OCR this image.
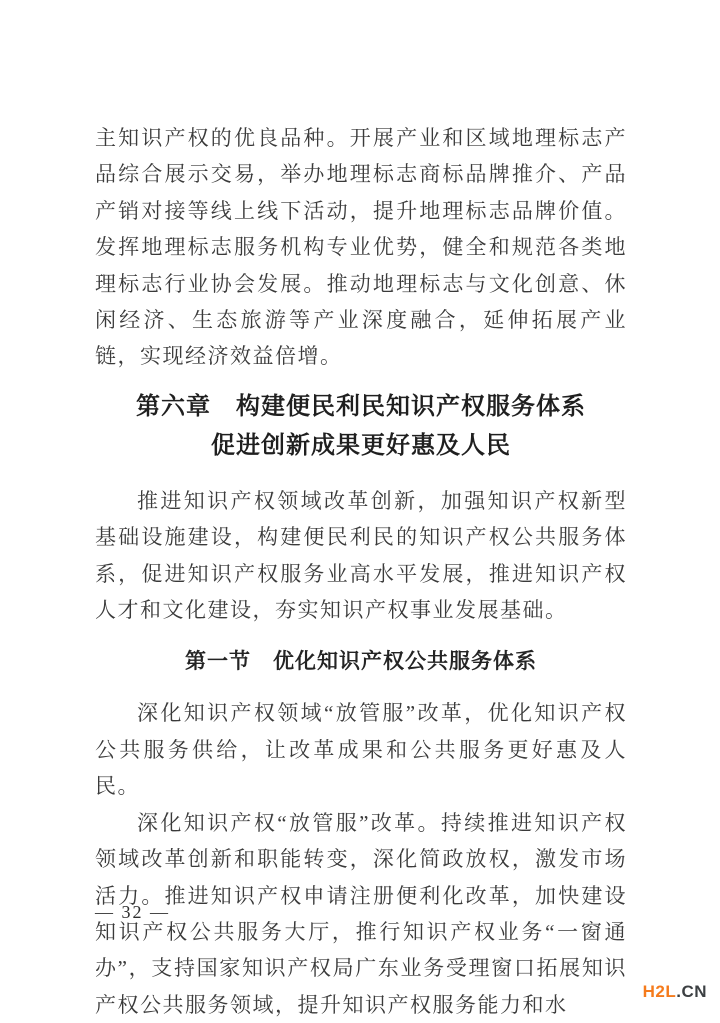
主知识产权的优良品种。开展产业和区域地理标志产品综合展示交易，举办地理标志商标品牌推介、产品产销对接等线上线下活动，提升地理标志品牌价值。发挥地理标志服务机构专业优势，健全和规范各类地理标志行业协会发展。推动地理标志与文化创意、休闲经济、生态旅游等产业深度融合，延伸拓展产业链，实现经济效益倍增。

第六章　构建便民利民知识产权服务体系
促进创新成果更好惠及人民

推进知识产权领域改革创新，加强知识产权新型基础设施建设，构建便民利民的知识产权公共服务体系，促进知识产权服务业高水平发展，推进知识产权人才和文化建设，夯实知识产权事业发展基础。

第一节　优化知识产权公共服务体系

深化知识产权领域“放管服”改革，优化知识产权公共服务供给，让改革成果和公共服务更好惠及人民。

深化知识产权“放管服”改革。持续推进知识产权领域改革创新和职能转变，深化简政放权，激发市场活力。推进知识产权申请注册便利化改革，加快建设知识产权公共服务大厅，推行知识产权业务“一窗通办”，支持国家知识产权局广东业务受理窗口拓展知识产权公共服务领域，提升知识产权服务能力和水

— 32 —
H2L.CN
